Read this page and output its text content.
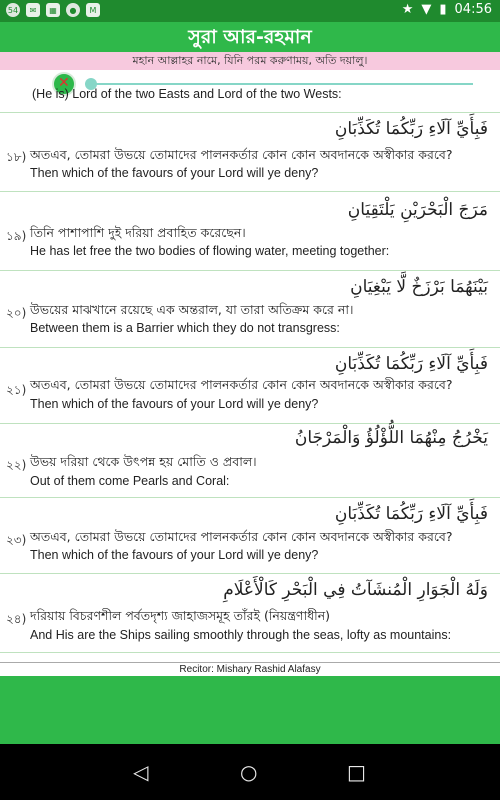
54	✉	▦	●	M	★ ▼ ▮ 04:56
সুরা আর-রহমান
মহান আল্লাহর নামে, যিনি পরম করুণাময়, অতি দয়ালু।
✕
(He is) Lord of the two Easts and Lord of the two Wests:
فَبِأَيِّ آلَاءِ رَبِّكُمَا تُكَذِّبَانِ
১৮) অতএব, তোমরা উভয়ে তোমাদের পালনকর্তার কোন কোন অবদানকে অস্বীকার করবে?
Then which of the favours of your Lord will ye deny?
مَرَجَ الْبَحْرَيْنِ يَلْتَقِيَانِ
১৯) তিনি পাশাপাশি দুই দরিয়া প্রবাহিত করেছেন।
He has let free the two bodies of flowing water, meeting together:
بَيْنَهُمَا بَرْزَخٌ لَّا يَبْغِيَانِ
২০) উভয়ের মাঝখানে রয়েছে এক অন্তরাল, যা তারা অতিক্রম করে না।
Between them is a Barrier which they do not transgress:
فَبِأَيِّ آلَاءِ رَبِّكُمَا تُكَذِّبَانِ
২১) অতএব, তোমরা উভয়ে তোমাদের পালনকর্তার কোন কোন অবদানকে অস্বীকার করবে?
Then which of the favours of your Lord will ye deny?
يَخْرُجُ مِنْهُمَا اللُّؤْلُؤُ وَالْمَرْجَانُ
২২) উভয় দরিয়া থেকে উৎপন্ন হয় মোতি ও প্রবাল।
Out of them come Pearls and Coral:
فَبِأَيِّ آلَاءِ رَبِّكُمَا تُكَذِّبَانِ
২৩) অতএব, তোমরা উভয়ে তোমাদের পালনকর্তার কোন কোন অবদানকে অস্বীকার করবে?
Then which of the favours of your Lord will ye deny?
وَلَهُ الْجَوَارِ الْمُنشَآتُ فِي الْبَحْرِ كَالْأَعْلَامِ
২৪) দরিয়ায় বিচরণশীল পর্বতদৃশ্য জাহাজসমূহ তাঁরই (নিয়ন্ত্রণাধীন)
And His are the Ships sailing smoothly through the seas, lofty as mountains:
Recitor: Mishary Rashid Alafasy
◁	○	□
